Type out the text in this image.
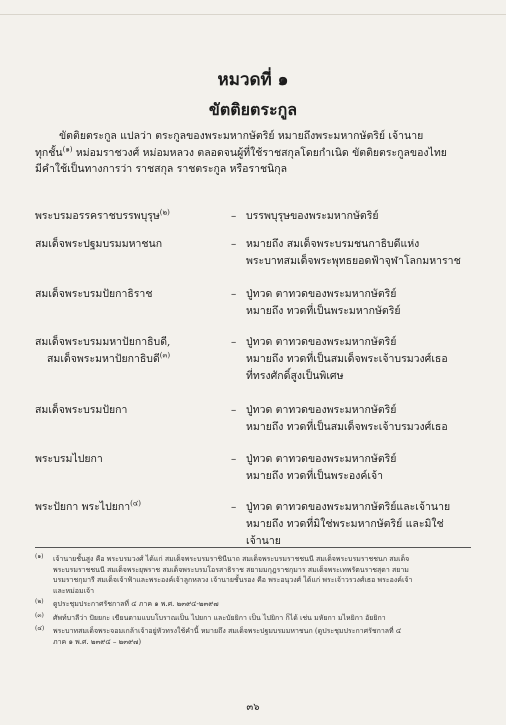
หมวดที่ ๑
ขัตติยตระกูล

ขัตติยตระกูล แปลว่า ตระกูลของพระมหากษัตริย์ หมายถึงพระมหากษัตริย์ เจ้านาย

ทุกชั้น$^{(๑)}$ หม่อมราชวงศ์ หม่อมหลวง ตลอดจนผู้ที่ใช้ราชสกุลโดยกำเนิด ขัตติยตระกูลของไทย

มีคำใช้เป็นทางการว่า ราชสกุล ราชตระกูล หรือราชนิกุล

พระบรมอรรคราชบรรพบุรุษ$^{(๒)}$	– บรรพบุรุษของพระมหากษัตริย์
สมเด็จพระปฐมบรมมหาชนก	– หมายถึง สมเด็จพระบรมชนกาธิบดีแห่ง
พระบาทสมเด็จพระพุทธยอดฟ้าจุฬาโลกมหาราช
สมเด็จพระบรมปัยกาธิราช	– ปู่ทวด ตาทวดของพระมหากษัตริย์
หมายถึง ทวดที่เป็นพระมหากษัตริย์
สมเด็จพระบรมมหาปัยกาธิบดี,
สมเด็จพระมหาปัยกาธิบดี$^{(๓)}$
– ปู่ทวด ตาทวดของพระมหากษัตริย์
หมายถึง ทวดที่เป็นสมเด็จพระเจ้าบรมวงศ์เธอ
ที่ทรงศักดิ์สูงเป็นพิเศษ
สมเด็จพระบรมปัยกา	– ปู่ทวด ตาทวดของพระมหากษัตริย์
หมายถึง ทวดที่เป็นสมเด็จพระเจ้าบรมวงศ์เธอ
พระบรมไปยกา	– ปู่ทวด ตาทวดของพระมหากษัตริย์
หมายถึง ทวดที่เป็นพระองค์เจ้า
พระปัยกา พระไปยกา$^{(๔)}$	– ปู่ทวด ตาทวดของพระมหากษัตริย์และเจ้านาย
หมายถึง ทวดที่มิใช่พระมหากษัตริย์ และมิใช่
เจ้านาย
(๑) เจ้านายชั้นสูง คือ พระบรมวงศ์ ได้แก่ สมเด็จพระบรมราชินีนาถ สมเด็จพระบรมราชชนนี สมเด็จพระบรมราชชนก สมเด็จ
พระบรมราชชนนี สมเด็จพระยุพราช สมเด็จพระบรมโอรสาธิราช สยามมกุฎราชกุมาร สมเด็จพระเทพรัตนราชสุดา สยาม
บรมราชกุมารี สมเด็จเจ้าฟ้าและพระองค์เจ้าลูกหลวง เจ้านายชั้นรอง คือ พระอนุวงศ์ ได้แก่ พระเจ้าวรวงศ์เธอ พระองค์เจ้า
และหม่อมเจ้า
(๒) ดูประชุมประกาศรัชกาลที่ ๔ ภาค ๑ พ.ศ. ๒๓๙๔-๒๓๙๗
(๓) ศัพท์บาลีว่า ปัยยกะ เขียนตามแบบโบราณเป็น ไปยกา และบัยยิกา เป็น ไปยิกา ก็ได้ เช่น มหัยกา มไหยิกา อัยยิกา
(๔) พระบาทสมเด็จพระจอมเกล้าเจ้าอยู่หัวทรงใช้คำนี้ หมายถึง สมเด็จพระปฐมบรมมหาชนก (ดูประชุมประกาศรัชกาลที่ ๔
ภาค ๑ พ.ศ. ๒๓๙๔ – ๒๓๙๗)
๓๖
